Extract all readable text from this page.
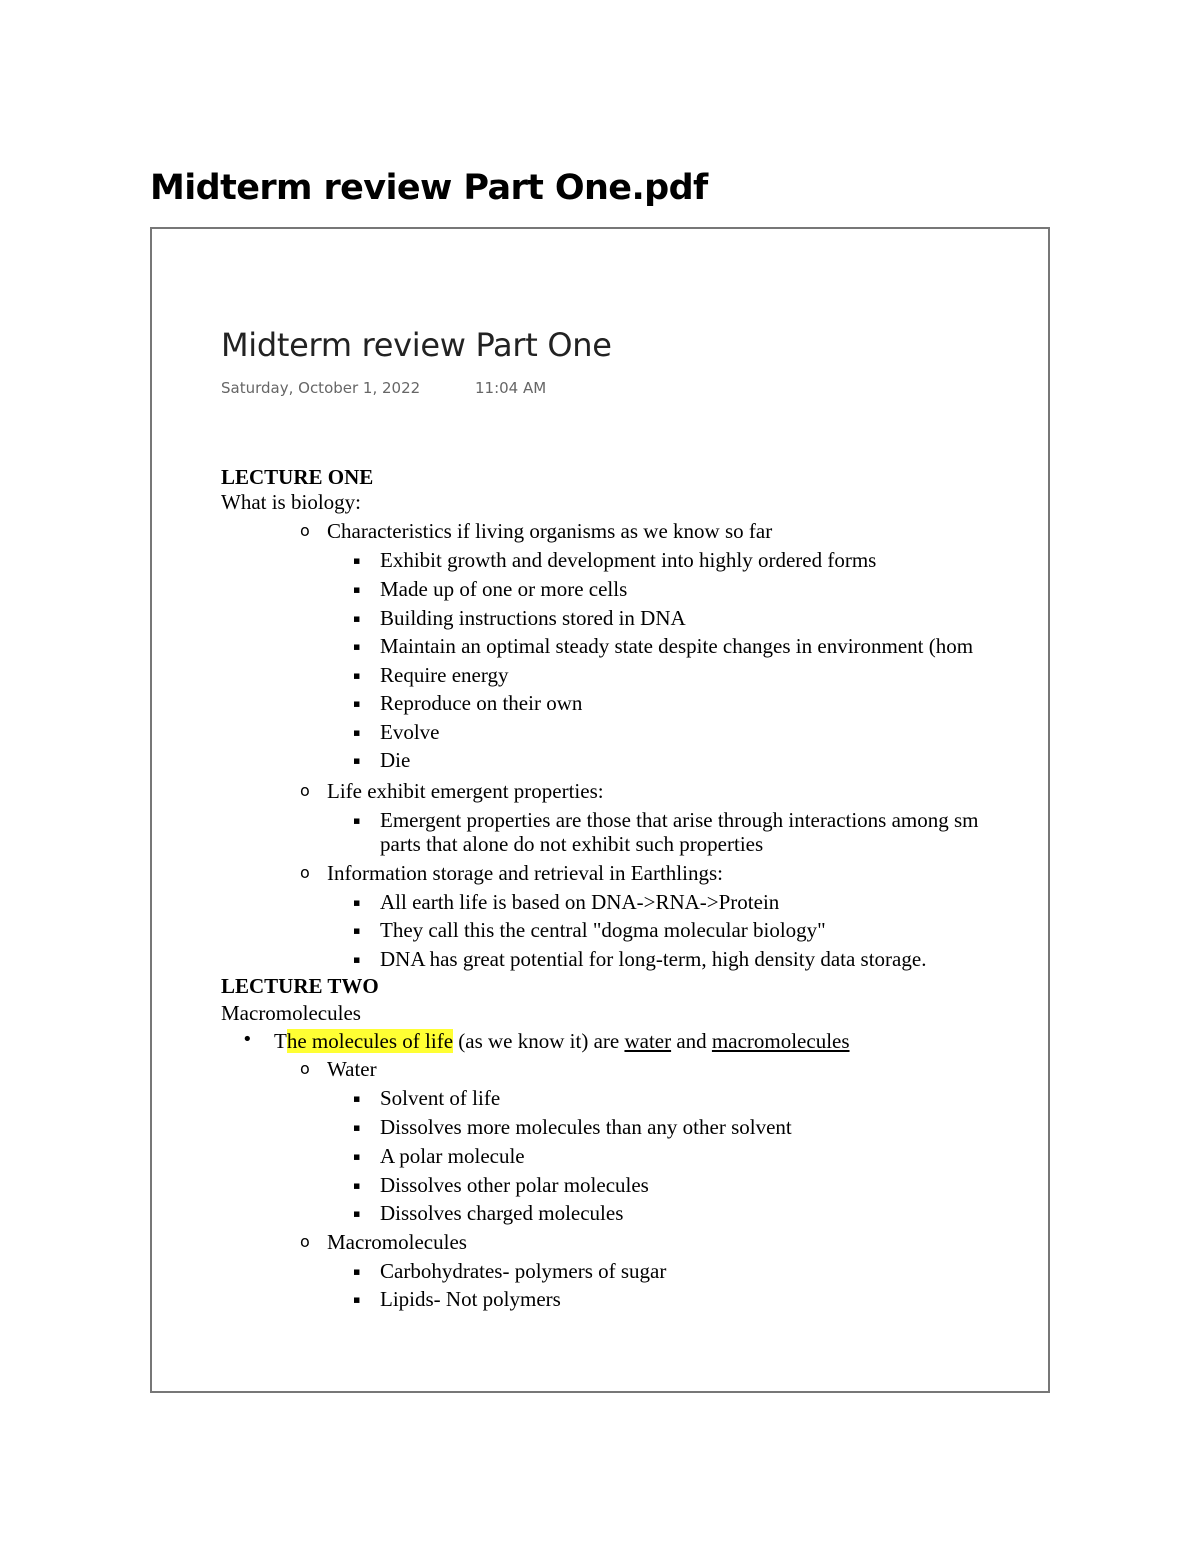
Midterm review Part One.pdf
Midterm review Part One
Saturday, October 1, 2022	11:04 AM
LECTURE ONE
What is biology:
o Characteristics if living organisms as we know so far
▪ Exhibit growth and development into highly ordered forms
▪ Made up of one or more cells
▪ Building instructions stored in DNA
▪ Maintain an optimal steady state despite changes in environment (hom
▪ Require energy
▪ Reproduce on their own
▪ Evolve
▪ Die
o Life exhibit emergent properties:
▪ Emergent properties are those that arise through interactions among sm
parts that alone do not exhibit such properties
o Information storage and retrieval in Earthlings:
▪ All earth life is based on DNA->RNA->Protein
▪ They call this the central "dogma molecular biology"
▪ DNA has great potential for long-term, high density data storage.
LECTURE TWO
Macromolecules
• The molecules of life (as we know it) are water and macromolecules
o Water
▪ Solvent of life
▪ Dissolves more molecules than any other solvent
▪ A polar molecule
▪ Dissolves other polar molecules
▪ Dissolves charged molecules
o Macromolecules
▪ Carbohydrates- polymers of sugar
▪ Lipids- Not polymers
